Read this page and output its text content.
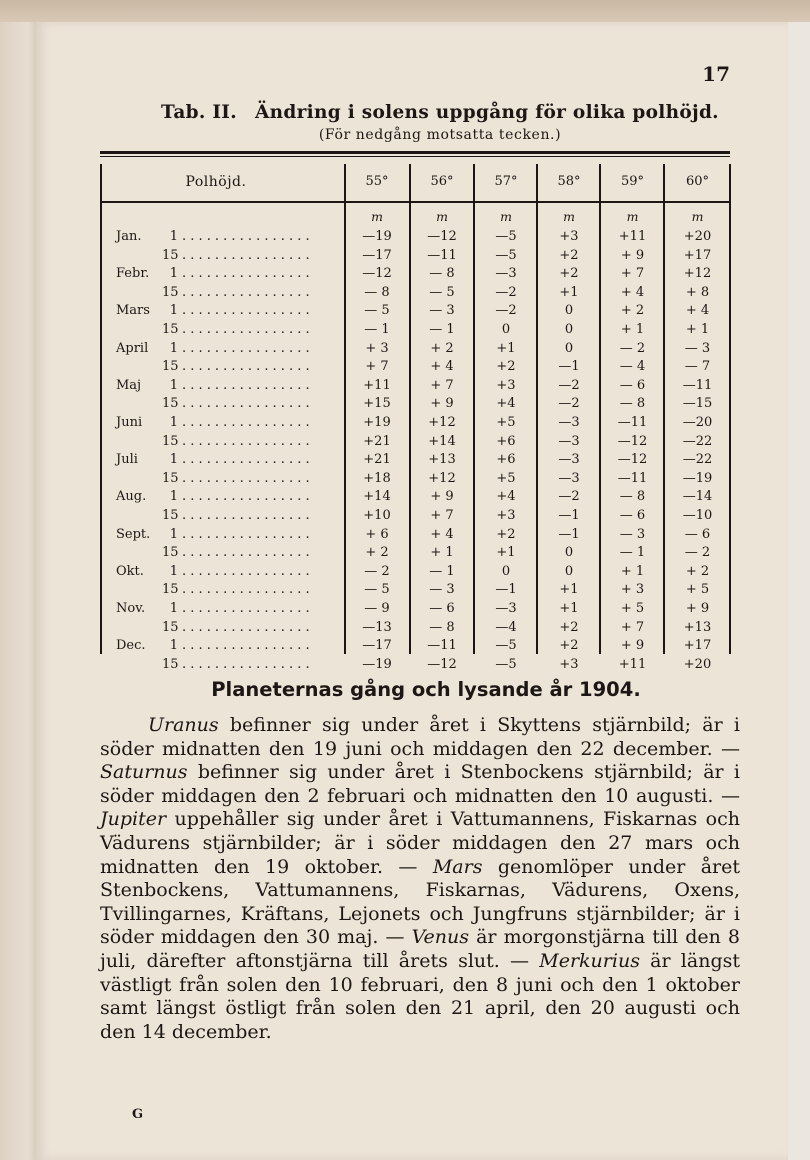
17
Tab. II. Ändring i solens uppgång för olika polhöjd.
(För nedgång motsatta tecken.)
Polhöjd.	55°	56°	57°	58°	59°	60°
m	m	m	m	m	m
Jan.	1 ................	—19	—12	—5	+3	+11	+20
15 ................	—17	—11	—5	+2	+ 9	+17
Febr.	1 ................	—12	— 8	—3	+2	+ 7	+12
15 ................	— 8	— 5	—2	+1	+ 4	+ 8
Mars	1 ................	— 5	— 3	—2	0	+ 2	+ 4
15 ................	— 1	— 1	0	0	+ 1	+ 1
April	1 ................	+ 3	+ 2	+1	0	— 2	— 3
15 ................	+ 7	+ 4	+2	—1	— 4	— 7
Maj	1 ................	+11	+ 7	+3	—2	— 6	—11
15 ................	+15	+ 9	+4	—2	— 8	—15
Juni	1 ................	+19	+12	+5	—3	—11	—20
15 ................	+21	+14	+6	—3	—12	—22
Juli	1 ................	+21	+13	+6	—3	—12	—22
15 ................	+18	+12	+5	—3	—11	—19
Aug.	1 ................	+14	+ 9	+4	—2	— 8	—14
15 ................	+10	+ 7	+3	—1	— 6	—10
Sept.	1 ................	+ 6	+ 4	+2	—1	— 3	— 6
15 ................	+ 2	+ 1	+1	0	— 1	— 2
Okt.	1 ................	— 2	— 1	0	0	+ 1	+ 2
15 ................	— 5	— 3	—1	+1	+ 3	+ 5
Nov.	1 ................	— 9	— 6	—3	+1	+ 5	+ 9
15 ................	—13	— 8	—4	+2	+ 7	+13
Dec.	1 ................	—17	—11	—5	+2	+ 9	+17
15 ................	—19	—12	—5	+3	+11	+20
Planeternas gång och lysande år 1904.

Uranus befinner sig under året i Skyttens stjärnbild; är i söder midnatten den 19 juni och middagen den 22 december. — Saturnus befinner sig under året i Stenbockens stjärnbild; är i söder middagen den 2 februari och midnatten den 10 augusti. — Jupiter uppehåller sig under året i Vattumannens, Fiskarnas och Vädurens stjärnbilder; är i söder middagen den 27 mars och midnatten den 19 oktober. — Mars genomlöper under året Stenbockens, Vattumannens, Fiskarnas, Vädurens, Oxens, Tvillingarnes, Kräftans, Lejonets och Jungfruns stjärnbilder; är i söder middagen den 30 maj. — Venus är morgonstjärna till den 8 juli, därefter aftonstjärna till årets slut. — Merkurius är längst västligt från solen den 10 februari, den 8 juni och den 1 oktober samt längst östligt från solen den 21 april, den 20 augusti och den 14 december.

G
